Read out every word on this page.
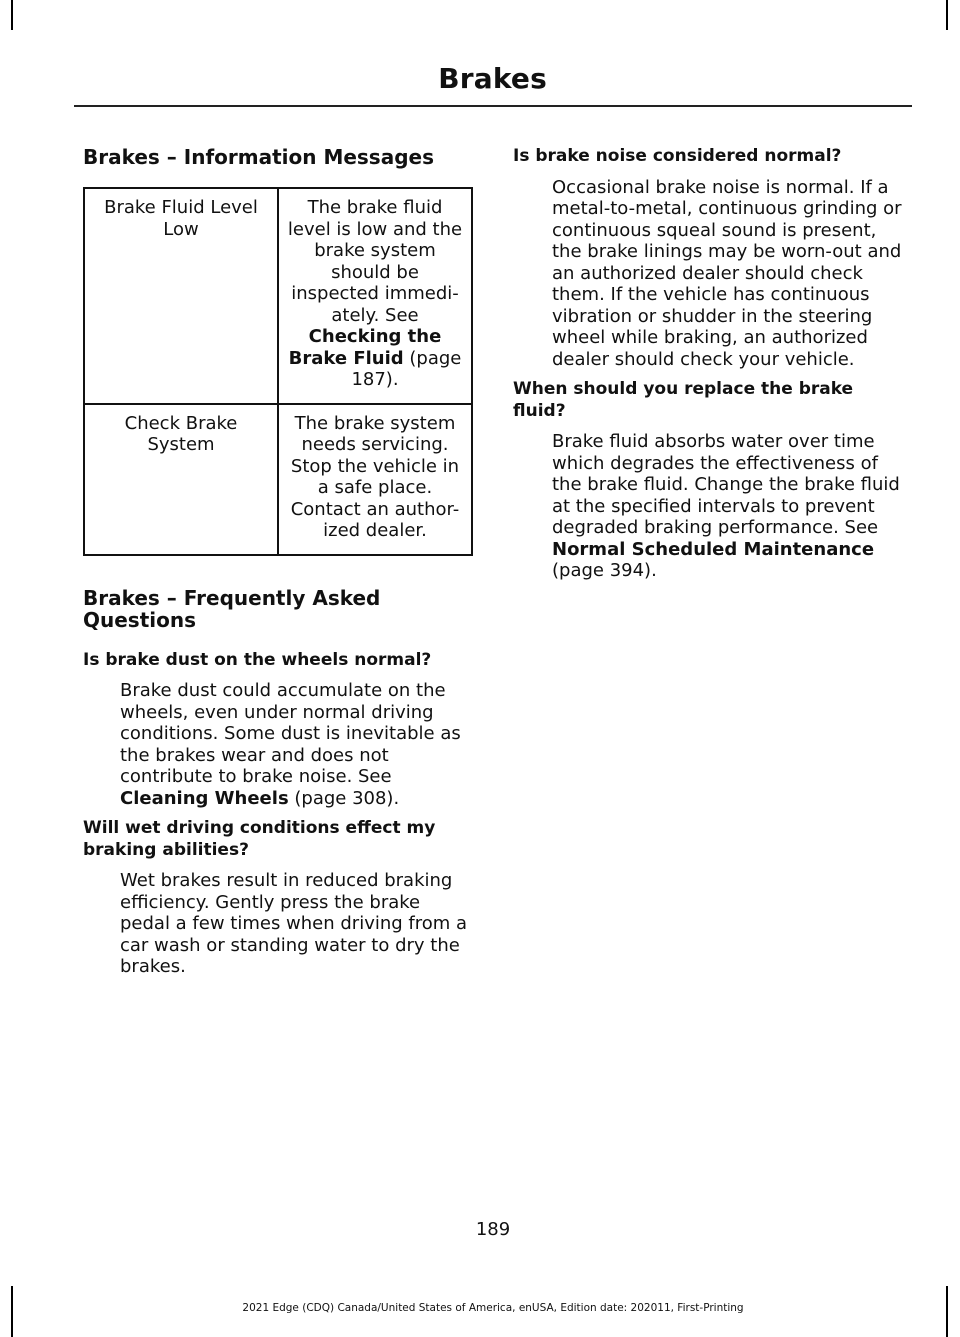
Brakes
Brakes – Information Messages
Brake Fluid Level Low	The brake fluid level is low and the brake system should be inspected immedi-ately. See Checking the Brake Fluid (page 187).
Check Brake System	The brake system needs servicing. Stop the vehicle in a safe place. Contact an author-ized dealer.
Brakes – Frequently Asked Questions

Is brake dust on the wheels normal?

Brake dust could accumulate on the wheels, even under normal driving conditions. Some dust is inevitable as the brakes wear and does not contribute to brake noise. See Cleaning Wheels (page 308).

Will wet driving conditions effect my braking abilities?

Wet brakes result in reduced braking efficiency. Gently press the brake pedal a few times when driving from a car wash or standing water to dry the brakes.

Is brake noise considered normal?

Occasional brake noise is normal. If a metal-to-metal, continuous grinding or continuous squeal sound is present, the brake linings may be worn-out and an authorized dealer should check them. If the vehicle has continuous vibration or shudder in the steering wheel while braking, an authorized dealer should check your vehicle.

When should you replace the brake fluid?

Brake fluid absorbs water over time which degrades the effectiveness of the brake fluid. Change the brake fluid at the specified intervals to prevent degraded braking performance. See Normal Scheduled Maintenance (page 394).

189
2021 Edge (CDQ) Canada/United States of America, enUSA, Edition date: 202011, First-Printing
